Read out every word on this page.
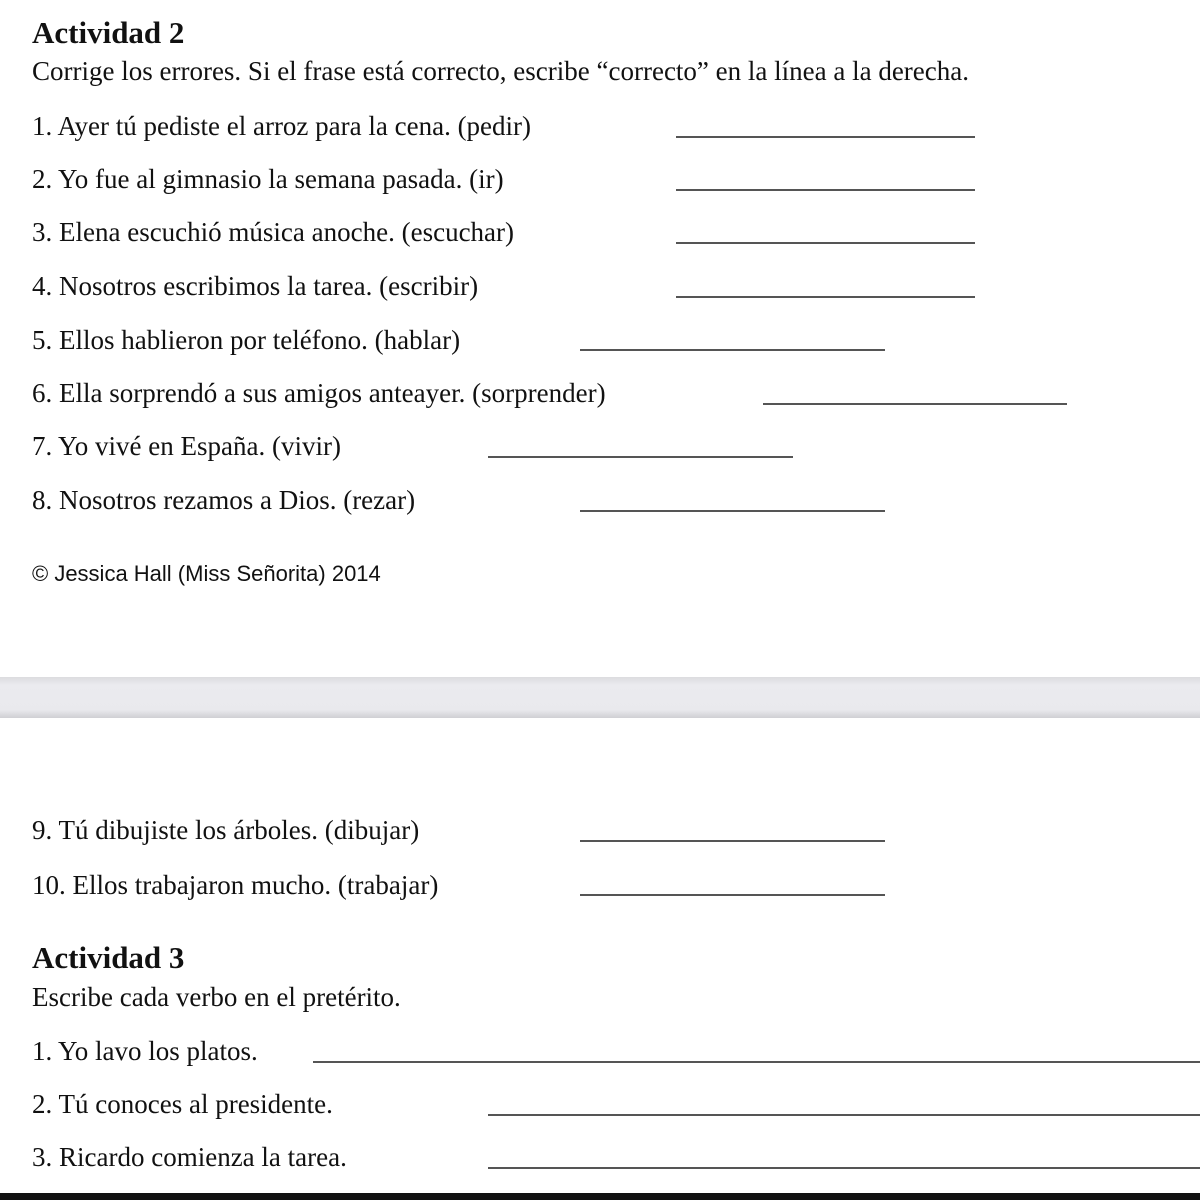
Actividad 2
Corrige los errores. Si el frase está correcto, escribe “correcto” en la línea a la derecha.
1. Ayer tú pediste el arroz para la cena. (pedir)
2. Yo fue al gimnasio la semana pasada. (ir)
3. Elena escuchió música anoche. (escuchar)
4. Nosotros escribimos la tarea. (escribir)
5. Ellos hablieron por teléfono. (hablar)
6. Ella sorprendó a sus amigos anteayer. (sorprender)
7. Yo vivé en España. (vivir)
8. Nosotros rezamos a Dios. (rezar)
© Jessica Hall (Miss Señorita) 2014
9. Tú dibujiste los árboles. (dibujar)
10. Ellos trabajaron mucho. (trabajar)
Actividad 3
Escribe cada verbo en el pretérito.
1. Yo lavo los platos.
2. Tú conoces al presidente.
3. Ricardo comienza la tarea.
